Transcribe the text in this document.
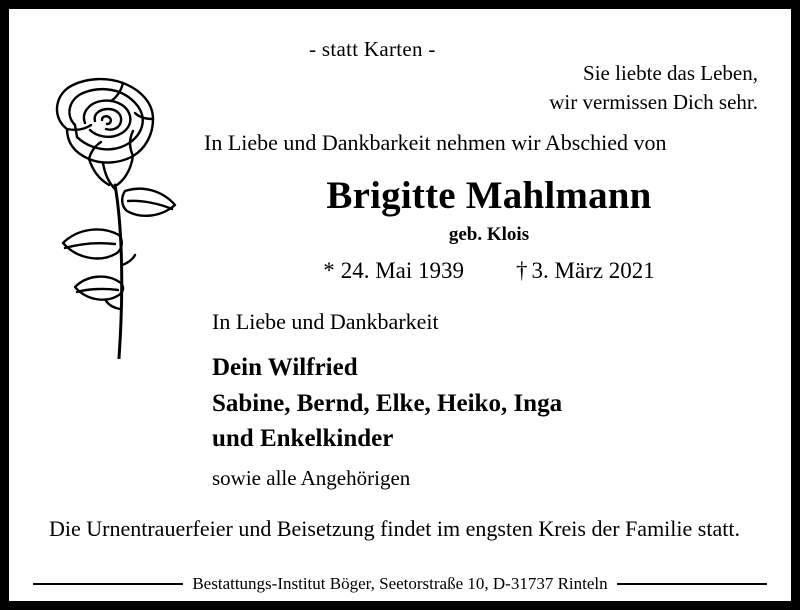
- statt Karten -
Sie liebte das Leben,
wir vermissen Dich sehr.
In Liebe und Dankbarkeit nehmen wir Abschied von
Brigitte Mahlmann
geb. Klois
* 24. Mai 1939 † 3. März 2021
In Liebe und Dankbarkeit
Dein Wilfried
Sabine, Bernd, Elke, Heiko, Inga
und Enkelkinder
sowie alle Angehörigen
Die Urnentrauerfeier und Beisetzung findet im engsten Kreis der Familie statt.
Bestattungs-Institut Böger, Seetorstraße 10, D-31737 Rinteln
